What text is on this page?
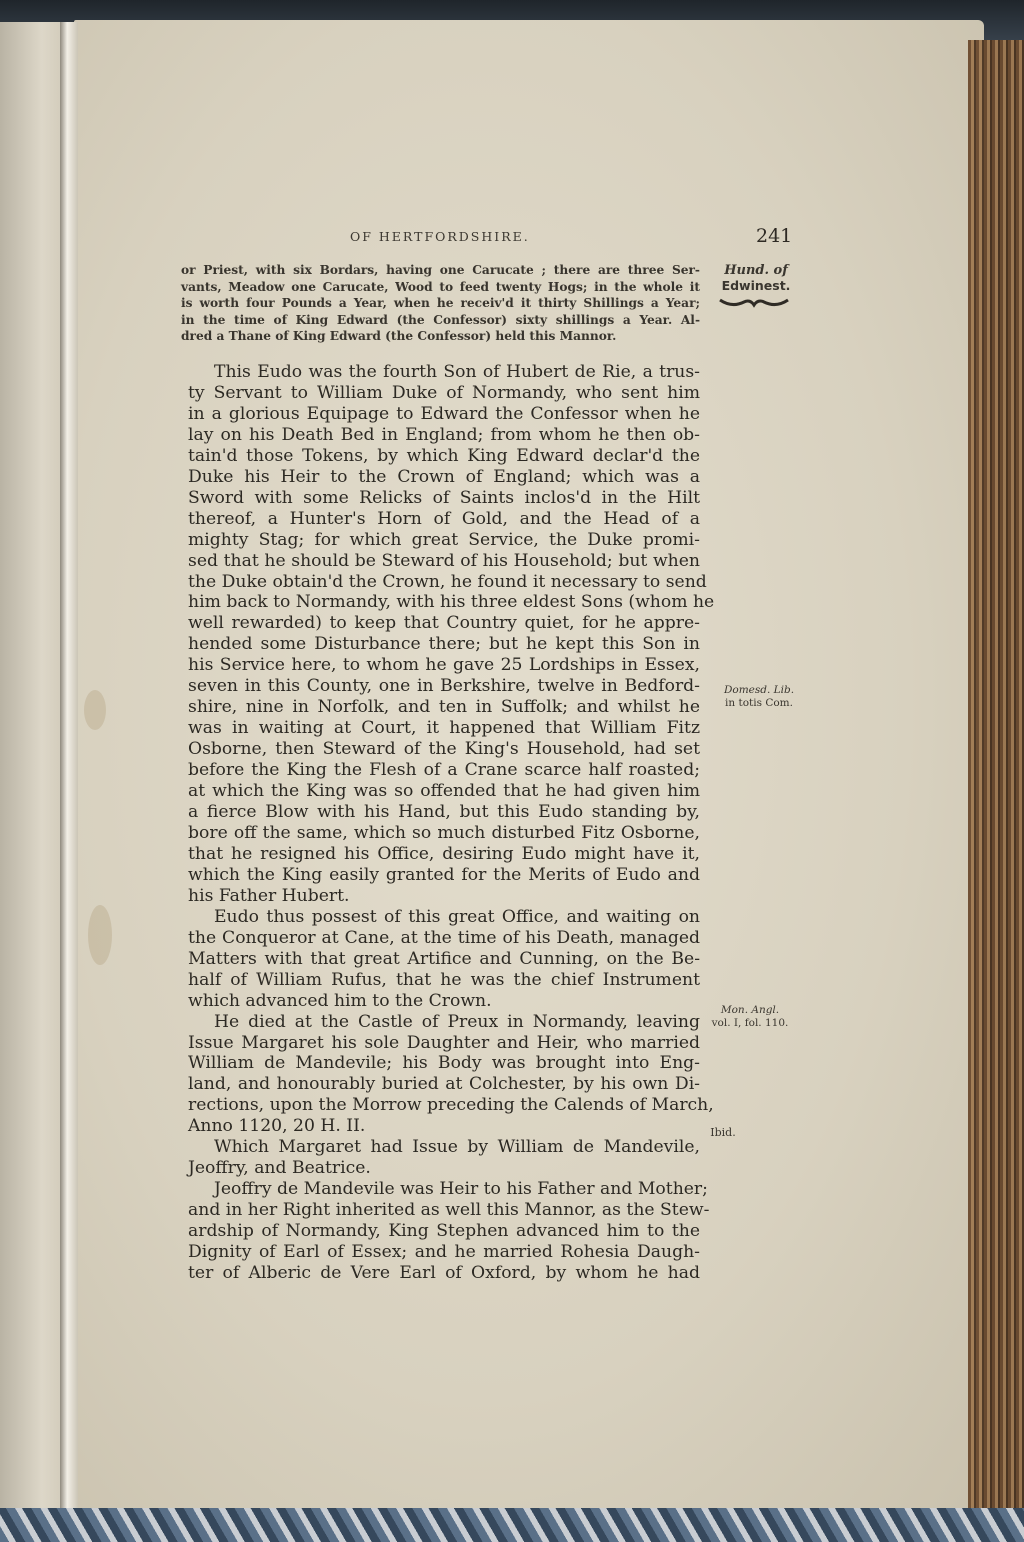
OF HERTFORDSHIRE.	241
or Priest, with six Bordars, having one Carucate ; there are three Ser-
vants, Meadow one Carucate, Wood to feed twenty Hogs; in the whole it
is worth four Pounds a Year, when he receiv'd it thirty Shillings a Year;
in the time of King Edward (the Confessor) sixty shillings a Year. Al-
dred a Thane of King Edward (the Confessor) held this Mannor.
This Eudo was the fourth Son of Hubert de Rie, a trus-
ty Servant to William Duke of Normandy, who sent him
in a glorious Equipage to Edward the Confessor when he
lay on his Death Bed in England; from whom he then ob-
tain'd those Tokens, by which King Edward declar'd the
Duke his Heir to the Crown of England; which was a
Sword with some Relicks of Saints inclos'd in the Hilt
thereof, a Hunter's Horn of Gold, and the Head of a
mighty Stag; for which great Service, the Duke promi-
sed that he should be Steward of his Household; but when
the Duke obtain'd the Crown, he found it necessary to send
him back to Normandy, with his three eldest Sons (whom he
well rewarded) to keep that Country quiet, for he appre-
hended some Disturbance there; but he kept this Son in
his Service here, to whom he gave 25 Lordships in Essex,
seven in this County, one in Berkshire, twelve in Bedford-
shire, nine in Norfolk, and ten in Suffolk; and whilst he
was in waiting at Court, it happened that William Fitz
Osborne, then Steward of the King's Household, had set
before the King the Flesh of a Crane scarce half roasted;
at which the King was so offended that he had given him
a fierce Blow with his Hand, but this Eudo standing by,
bore off the same, which so much disturbed Fitz Osborne,
that he resigned his Office, desiring Eudo might have it,
which the King easily granted for the Merits of Eudo and
his Father Hubert.
Eudo thus possest of this great Office, and waiting on
the Conqueror at Cane, at the time of his Death, managed
Matters with that great Artifice and Cunning, on the Be-
half of William Rufus, that he was the chief Instrument
which advanced him to the Crown.
He died at the Castle of Preux in Normandy, leaving
Issue Margaret his sole Daughter and Heir, who married
William de Mandevile; his Body was brought into Eng-
land, and honourably buried at Colchester, by his own Di-
rections, upon the Morrow preceding the Calends of March,
Anno 1120, 20 H. II.
Which Margaret had Issue by William de Mandevile,
Jeoffry, and Beatrice.
Jeoffry de Mandevile was Heir to his Father and Mother;
and in her Right inherited as well this Mannor, as the Stew-
ardship of Normandy, King Stephen advanced him to the
Dignity of Earl of Essex; and he married Rohesia Daugh-
ter of Alberic de Vere Earl of Oxford, by whom he had
Hund. of
Edwinest.
Domesd. Lib.
in totis Com.
Mon. Angl.
vol. I, fol. 110.
Ibid.
